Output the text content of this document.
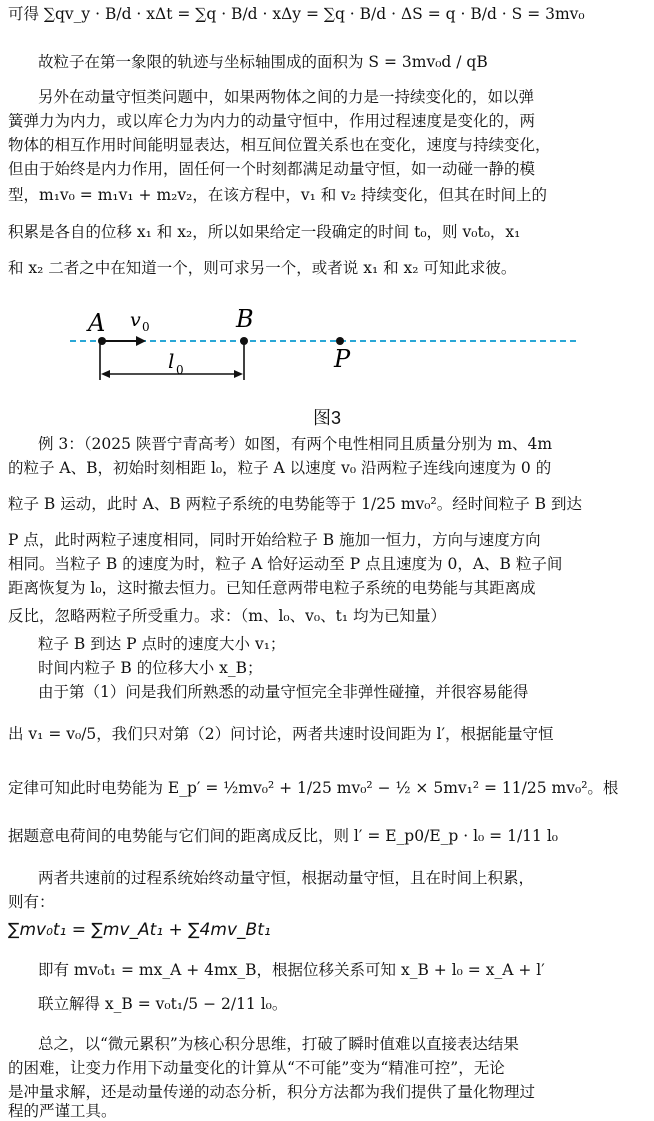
可得 ∑qv_y · B/d · xΔt = ∑q · B/d · xΔy = ∑q · B/d · ΔS = q · B/d · S = 3mv₀
故粒子在第一象限的轨迹与坐标轴围成的面积为 S = 3mv₀d / qB
另外在动量守恒类问题中，如果两物体之间的力是一持续变化的，如以弹
簧弹力为内力，或以库仑力为内力的动量守恒中，作用过程速度是变化的，两
物体的相互作用时间能明显表达，相互间位置关系也在变化，速度与持续变化，
但由于始终是内力作用，固任何一个时刻都满足动量守恒，如一动碰一静的模
型，m₁v₀ = m₁v₁ + m₂v₂，在该方程中，v₁ 和 v₂ 持续变化，但其在时间上的
积累是各自的位移 x₁ 和 x₂，所以如果给定一段确定的时间 t₀，则 v₀t₀，x₁
和 x₂ 二者之中在知道一个，则可求另一个，或者说 x₁ 和 x₂ 可知此求彼。
A v 0	B
P
l 0
图3
例 3：（2025 陕晋宁青高考）如图，有两个电性相同且质量分别为 m、4m
的粒子 A、B，初始时刻相距 l₀，粒子 A 以速度 v₀ 沿两粒子连线向速度为 0 的
粒子 B 运动，此时 A、B 两粒子系统的电势能等于 1/25 mv₀²。经时间粒子 B 到达
P 点，此时两粒子速度相同，同时开始给粒子 B 施加一恒力，方向与速度方向
相同。当粒子 B 的速度为时，粒子 A 恰好运动至 P 点且速度为 0，A、B 粒子间
距离恢复为 l₀，这时撤去恒力。已知任意两带电粒子系统的电势能与其距离成
反比，忽略两粒子所受重力。求：（m、l₀、v₀、t₁ 均为已知量）
粒子 B 到达 P 点时的速度大小 v₁；
时间内粒子 B 的位移大小 x_B；
由于第（1）问是我们所熟悉的动量守恒完全非弹性碰撞，并很容易能得
出 v₁ = v₀/5，我们只对第（2）问讨论，两者共速时设间距为 l′，根据能量守恒
定律可知此时电势能为 E_p′ = ½mv₀² + 1/25 mv₀² − ½ × 5mv₁² = 11/25 mv₀²。根
据题意电荷间的电势能与它们间的距离成反比，则 l′ = E_p0/E_p · l₀ = 1/11 l₀
两者共速前的过程系统始终动量守恒，根据动量守恒，且在时间上积累，
则有：
∑mv₀t₁ = ∑mv_At₁ + ∑4mv_Bt₁
即有 mv₀t₁ = mx_A + 4mx_B，根据位移关系可知 x_B + l₀ = x_A + l′
联立解得 x_B = v₀t₁/5 − 2/11 l₀。
总之，以“微元累积”为核心积分思维，打破了瞬时值难以直接表达结果
的困难，让变力作用下动量变化的计算从“不可能”变为“精准可控”，无论
是冲量求解，还是动量传递的动态分析，积分方法都为我们提供了量化物理过
程的严谨工具。
